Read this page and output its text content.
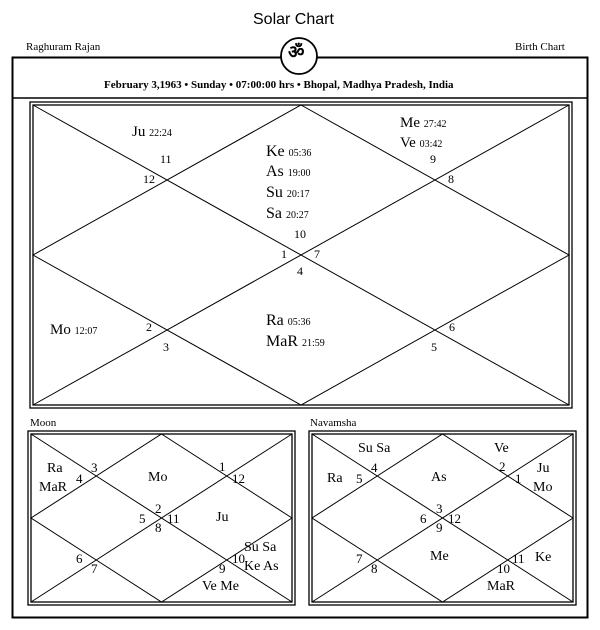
Solar Chart
Raghuram Rajan	Birth Chart
ॐ
February 3,1963 • Sunday • 07:00:00 hrs • Bhopal, Madhya Pradesh, India
Ju 22:24
Me 27:42
Ve 03:42
Ke 05:36
As 19:00
Su 20:17
Sa 20:27
Mo 12:07
Ra 05:36
MaR 21:59
11
12
9
8
10
1 7
4
2
3
6
5
Moon
3
4
1
12
2
5 11
8
6
7
10
9
Ra
MaR
Mo
Ju
Su Sa
Ke As
Ve Me
Navamsha
4
5
2
1
3
6 12
9
7
8
11
10
Su Sa
Ra
Ve
Ju
Mo
As
Me	Ke
MaR
